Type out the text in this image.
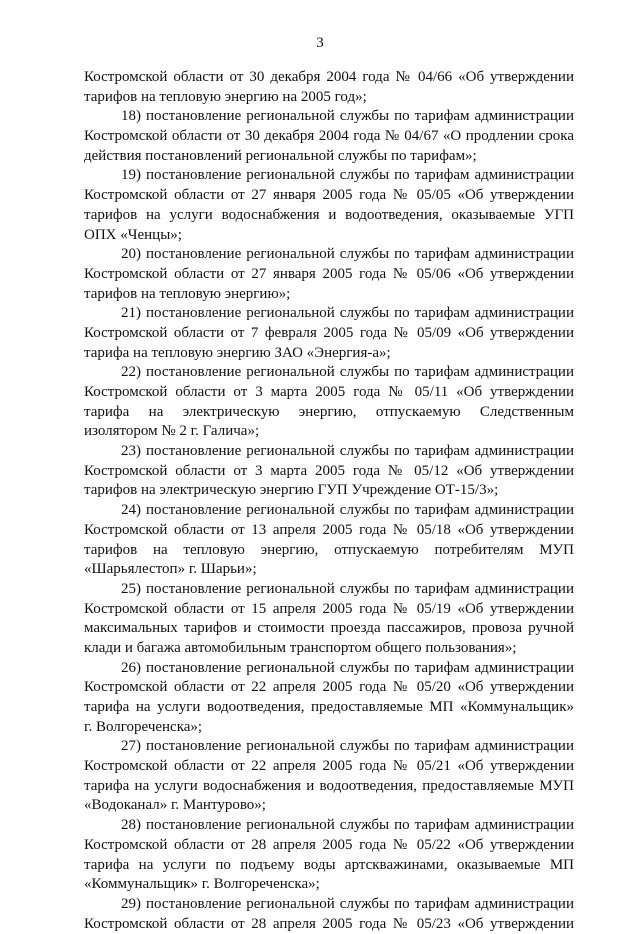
3
Костромской области от 30 декабря 2004 года № 04/66 «Об утверждении
тарифов на тепловую энергию на 2005 год»;
18) постановление региональной службы по тарифам администрации
Костромской области от 30 декабря 2004 года № 04/67 «О продлении срока
действия постановлений региональной службы по тарифам»;
19) постановление региональной службы по тарифам администрации
Костромской области от 27 января 2005 года № 05/05 «Об утверждении
тарифов на услуги водоснабжения и водоотведения, оказываемые УГП
ОПХ «Ченцы»;
20) постановление региональной службы по тарифам администрации
Костромской области от 27 января 2005 года № 05/06 «Об утверждении
тарифов на тепловую энергию»;
21) постановление региональной службы по тарифам администрации
Костромской области от 7 февраля 2005 года № 05/09 «Об утверждении
тарифа на тепловую энергию ЗАО «Энергия-а»;
22) постановление региональной службы по тарифам администрации
Костромской области от 3 марта 2005 года № 05/11 «Об утверждении
тарифа на электрическую энергию, отпускаемую Следственным
изолятором № 2 г. Галича»;
23) постановление региональной службы по тарифам администрации
Костромской области от 3 марта 2005 года № 05/12 «Об утверждении
тарифов на электрическую энергию ГУП Учреждение ОТ-15/3»;
24) постановление региональной службы по тарифам администрации
Костромской области от 13 апреля 2005 года № 05/18 «Об утверждении
тарифов на тепловую энергию, отпускаемую потребителям МУП
«Шарьялестоп» г. Шарьи»;
25) постановление региональной службы по тарифам администрации
Костромской области от 15 апреля 2005 года № 05/19 «Об утверждении
максимальных тарифов и стоимости проезда пассажиров, провоза ручной
клади и багажа автомобильным транспортом общего пользования»;
26) постановление региональной службы по тарифам администрации
Костромской области от 22 апреля 2005 года № 05/20 «Об утверждении
тарифа на услуги водоотведения, предоставляемые МП «Коммунальщик»
г. Волгореченска»;
27) постановление региональной службы по тарифам администрации
Костромской области от 22 апреля 2005 года № 05/21 «Об утверждении
тарифа на услуги водоснабжения и водоотведения, предоставляемые МУП
«Водоканал» г. Мантурово»;
28) постановление региональной службы по тарифам администрации
Костромской области от 28 апреля 2005 года № 05/22 «Об утверждении
тарифа на услуги по подъему воды артскважинами, оказываемые МП
«Коммунальщик» г. Волгореченска»;
29) постановление региональной службы по тарифам администрации
Костромской области от 28 апреля 2005 года № 05/23 «Об утверждении
